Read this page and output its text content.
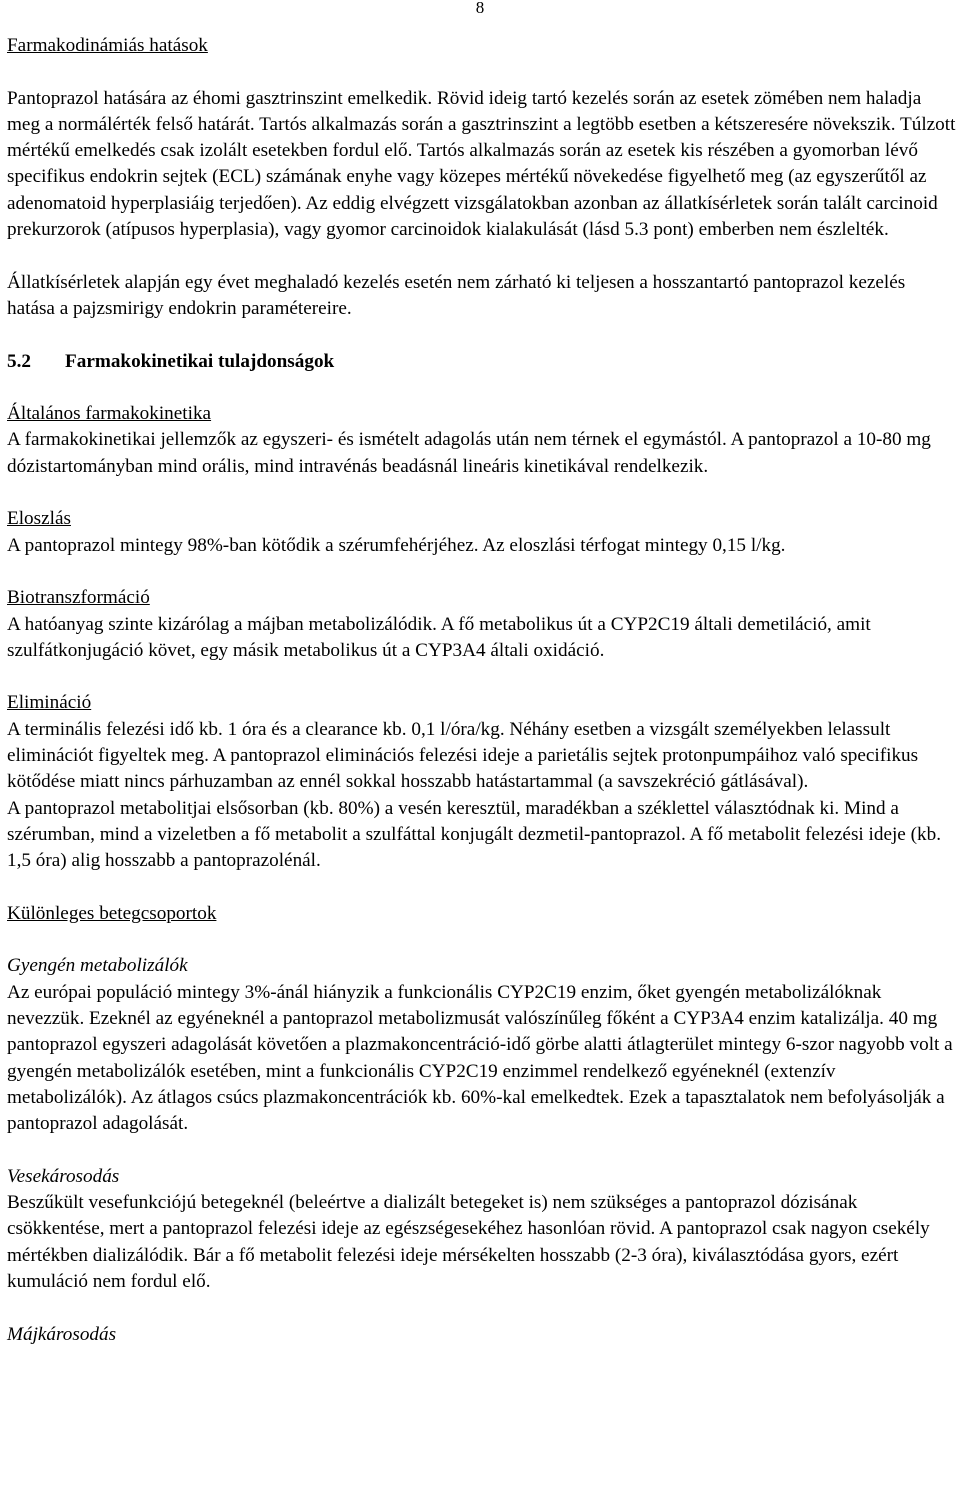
8

Farmakodinámiás hatások

Pantoprazol hatására az éhomi gasztrinszint emelkedik. Rövid ideig tartó kezelés során az esetek zömében nem haladja meg a normálérték felső határát. Tartós alkalmazás során a gasztrinszint a legtöbb esetben a kétszeresére növekszik. Túlzott mértékű emelkedés csak izolált esetekben fordul elő. Tartós alkalmazás során az esetek kis részében a gyomorban lévő specifikus endokrin sejtek (ECL) számának enyhe vagy közepes mértékű növekedése figyelhető meg (az egyszerűtől az adenomatoid hyperplasiáig terjedően). Az eddig elvégzett vizsgálatokban azonban az állatkísérletek során talált carcinoid prekurzorok (atípusos hyperplasia), vagy gyomor carcinoidok kialakulását (lásd 5.3 pont) emberben nem észlelték.

Állatkísérletek alapján egy évet meghaladó kezelés esetén nem zárható ki teljesen a hosszantartó pantoprazol kezelés hatása a pajzsmirigy endokrin paramétereire.

5.2 Farmakokinetikai tulajdonságok

Általános farmakokinetika

A farmakokinetikai jellemzők az egyszeri- és ismételt adagolás után nem térnek el egymástól. A pantoprazol a 10-80 mg dózistartományban mind orális, mind intravénás beadásnál lineáris kinetikával rendelkezik.

Eloszlás

A pantoprazol mintegy 98%-ban kötődik a szérumfehérjéhez. Az eloszlási térfogat mintegy 0,15 l/kg.

Biotranszformáció

A hatóanyag szinte kizárólag a májban metabolizálódik. A fő metabolikus út a CYP2C19 általi demetiláció, amit szulfátkonjugáció követ, egy másik metabolikus út a CYP3A4 általi oxidáció.

Elimináció

A terminális felezési idő kb. 1 óra és a clearance kb. 0,1 l/óra/kg. Néhány esetben a vizsgált személyekben lelassult eliminációt figyeltek meg. A pantoprazol eliminációs felezési ideje a parietális sejtek protonpumpáihoz való specifikus kötődése miatt nincs párhuzamban az ennél sokkal hosszabb hatástartammal (a savszekréció gátlásával).

A pantoprazol metabolitjai elsősorban (kb. 80%) a vesén keresztül, maradékban a széklettel választódnak ki. Mind a szérumban, mind a vizeletben a fő metabolit a szulfáttal konjugált dezmetil-pantoprazol. A fő metabolit felezési ideje (kb. 1,5 óra) alig hosszabb a pantoprazolénál.

Különleges betegcsoportok

Gyengén metabolizálók

Az európai populáció mintegy 3%-ánál hiányzik a funkcionális CYP2C19 enzim, őket gyengén metabolizálóknak nevezzük. Ezeknél az egyéneknél a pantoprazol metabolizmusát valószínűleg főként a CYP3A4 enzim katalizálja. 40 mg pantoprazol egyszeri adagolását követően a plazmakoncentráció-idő görbe alatti átlagterület mintegy 6-szor nagyobb volt a gyengén metabolizálók esetében, mint a funkcionális CYP2C19 enzimmel rendelkező egyéneknél (extenzív metabolizálók). Az átlagos csúcs plazmakoncentrációk kb. 60%-kal emelkedtek. Ezek a tapasztalatok nem befolyásolják a pantoprazol adagolását.

Vesekárosodás

Beszűkült vesefunkciójú betegeknél (beleértve a dializált betegeket is) nem szükséges a pantoprazol dózisának csökkentése, mert a pantoprazol felezési ideje az egészségesekéhez hasonlóan rövid. A pantoprazol csak nagyon csekély mértékben dializálódik. Bár a fő metabolit felezési ideje mérsékelten hosszabb (2-3 óra), kiválasztódása gyors, ezért kumuláció nem fordul elő.

Májkárosodás
